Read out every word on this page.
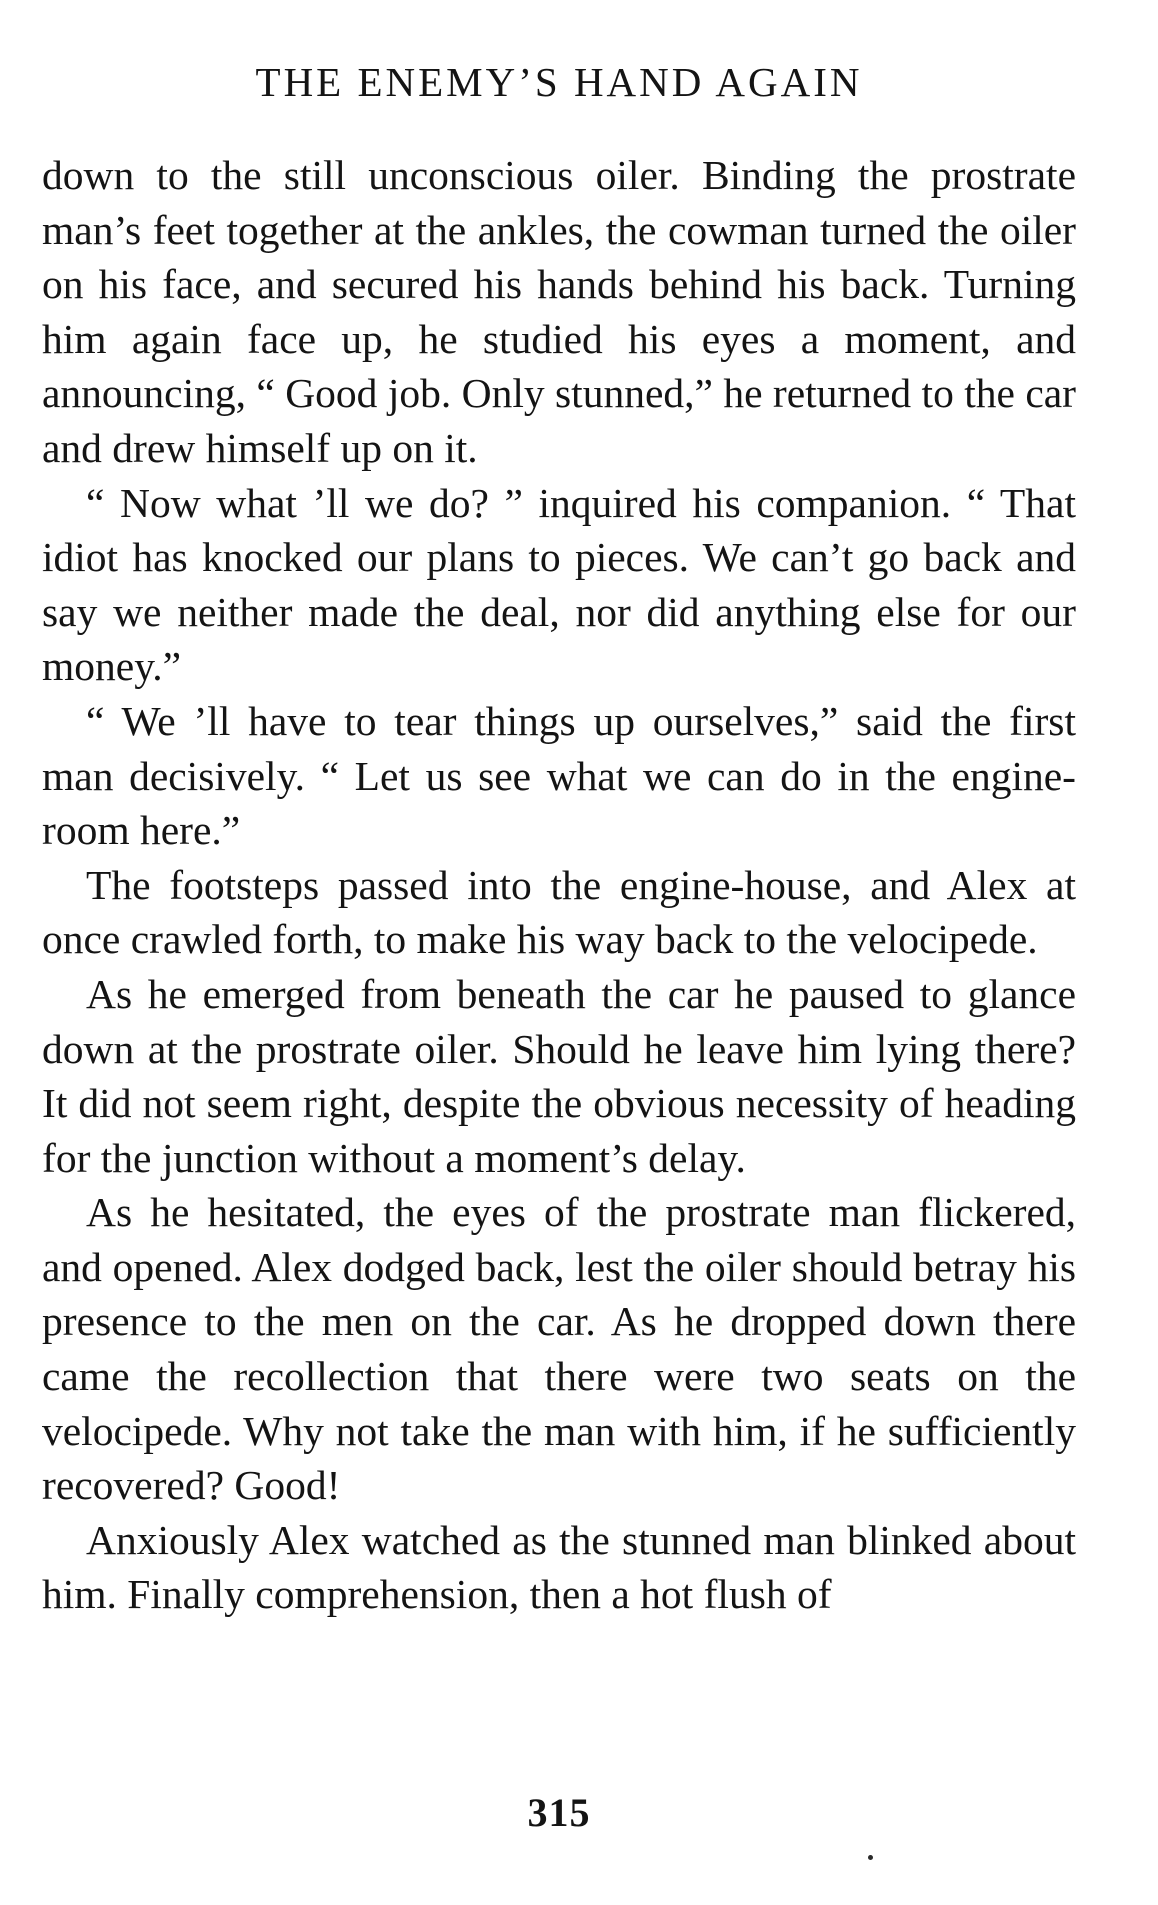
THE ENEMY’S HAND AGAIN

down to the still unconscious oiler. Binding the prostrate man’s feet together at the ankles, the cowman turned the oiler on his face, and secured his hands behind his back. Turning him again face up, he studied his eyes a moment, and announcing, “ Good job. Only stunned,” he returned to the car and drew himself up on it.

“ Now what ’ll we do? ” inquired his companion. “ That idiot has knocked our plans to pieces. We can’t go back and say we neither made the deal, nor did anything else for our money.”

“ We ’ll have to tear things up ourselves,” said the first man decisively. “ Let us see what we can do in the engine-room here.”

The footsteps passed into the engine-house, and Alex at once crawled forth, to make his way back to the velocipede.

As he emerged from beneath the car he paused to glance down at the prostrate oiler. Should he leave him lying there? It did not seem right, despite the obvious necessity of heading for the junction without a moment’s delay.

As he hesitated, the eyes of the prostrate man flickered, and opened. Alex dodged back, lest the oiler should betray his presence to the men on the car. As he dropped down there came the recollection that there were two seats on the velocipede. Why not take the man with him, if he sufficiently recovered? Good!

Anxiously Alex watched as the stunned man blinked about him. Finally comprehension, then a hot flush of

315
